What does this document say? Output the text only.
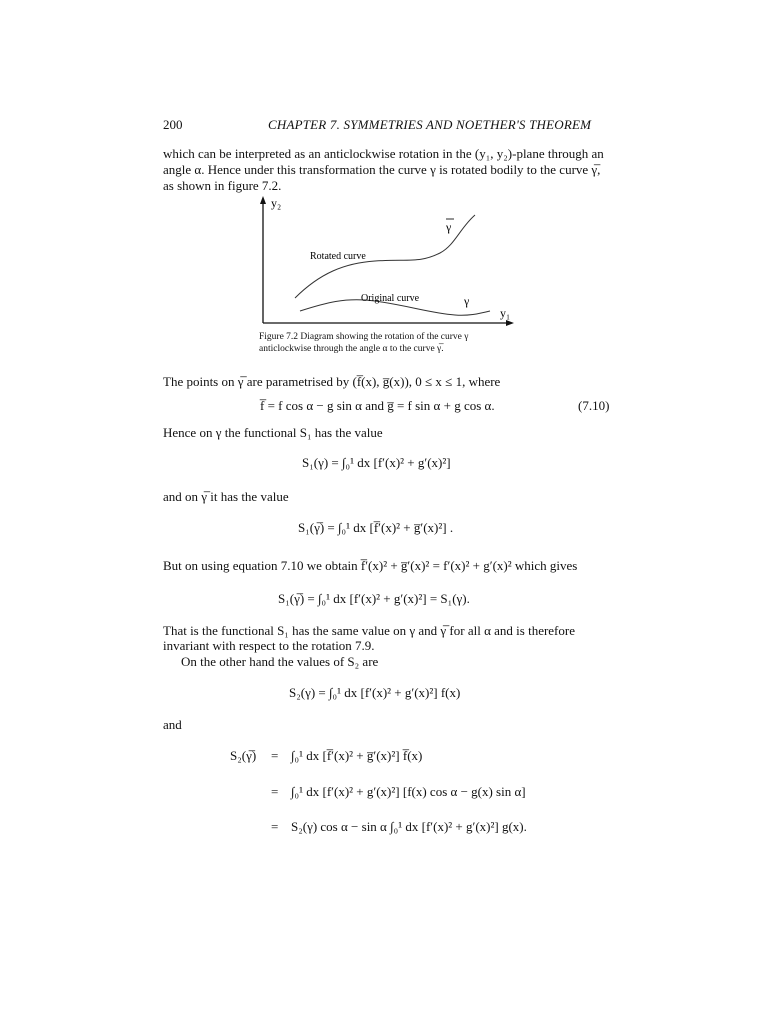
200	CHAPTER 7. SYMMETRIES AND NOETHER'S THEOREM
which can be interpreted as an anticlockwise rotation in the (y₁, y₂)-plane through an
angle α. Hence under this transformation the curve γ is rotated bodily to the curve γ̅,
as shown in figure 7.2.
y₂
y₁
Rotated curve
γ
Original curve	γ
Figure 7.2 Diagram showing the rotation of the curve γ
anticlockwise through the angle α to the curve γ̅.
The points on γ̅ are parametrised by (f̅(x), g̅(x)), 0 ≤ x ≤ 1, where
f̅ = f cos α − g sin α and g̅ = f sin α + g cos α.	(7.10)
Hence on γ the functional S₁ has the value
S₁(γ) = ∫₀¹ dx [f′(x)² + g′(x)²]
and on γ̅ it has the value
S₁(γ̅) = ∫₀¹ dx [f̅′(x)² + g̅′(x)²] .
But on using equation 7.10 we obtain f̅′(x)² + g̅′(x)² = f′(x)² + g′(x)² which gives
S₁(γ̅) = ∫₀¹ dx [f′(x)² + g′(x)²] = S₁(γ).
That is the functional S₁ has the same value on γ and γ̅ for all α and is therefore
invariant with respect to the rotation 7.9.
On the other hand the values of S₂ are
S₂(γ) = ∫₀¹ dx [f′(x)² + g′(x)²] f(x)
and
S₂(γ̅) = ∫₀¹ dx [f̅′(x)² + g̅′(x)²] f̅(x)
= ∫₀¹ dx [f′(x)² + g′(x)²] [f(x) cos α − g(x) sin α]
= S₂(γ) cos α − sin α ∫₀¹ dx [f′(x)² + g′(x)²] g(x).
